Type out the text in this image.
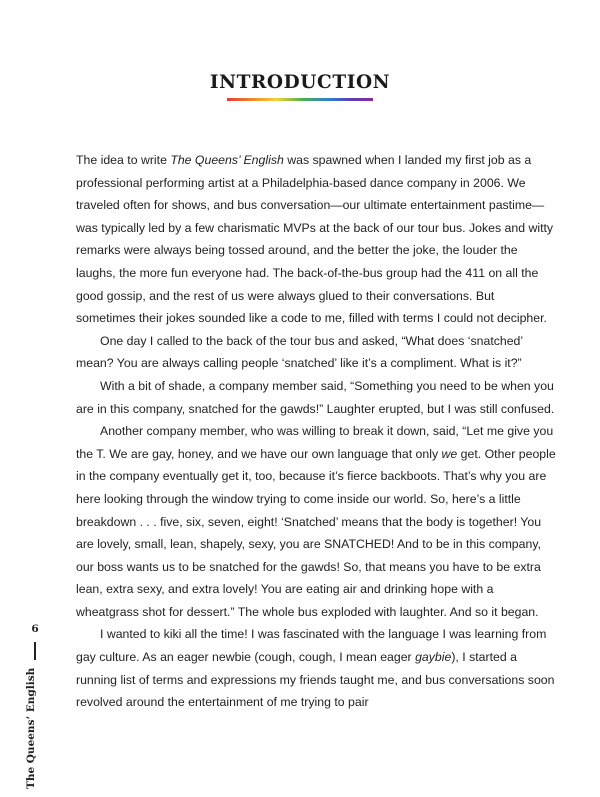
INTRODUCTION

The idea to write The Queens’ English was spawned when I landed my first job as a professional performing artist at a Philadelphia-based dance company in 2006. We traveled often for shows, and bus conversation—our ultimate entertainment pastime—was typically led by a few charismatic MVPs at the back of our tour bus. Jokes and witty remarks were always being tossed around, and the better the joke, the louder the laughs, the more fun everyone had. The back-of-the-bus group had the 411 on all the good gossip, and the rest of us were always glued to their conversations. But sometimes their jokes sounded like a code to me, filled with terms I could not decipher.

One day I called to the back of the tour bus and asked, “What does ‘snatched’ mean? You are always calling people ‘snatched’ like it’s a compliment. What is it?”

With a bit of shade, a company member said, “Something you need to be when you are in this company, snatched for the gawds!” Laughter erupted, but I was still confused.

Another company member, who was willing to break it down, said, “Let me give you the T. We are gay, honey, and we have our own language that only we get. Other people in the company eventually get it, too, because it’s fierce backboots. That’s why you are here looking through the window trying to come inside our world. So, here’s a little breakdown . . . five, six, seven, eight! ‘Snatched’ means that the body is together! You are lovely, small, lean, shapely, sexy, you are SNATCHED! And to be in this company, our boss wants us to be snatched for the gawds! So, that means you have to be extra lean, extra sexy, and extra lovely! You are eating air and drinking hope with a wheatgrass shot for dessert.” The whole bus exploded with laughter. And so it began.

I wanted to kiki all the time! I was fascinated with the language I was learning from gay culture. As an eager newbie (cough, cough, I mean eager gaybie), I started a running list of terms and expressions my friends taught me, and bus conversations soon revolved around the entertainment of me trying to pair

6
The Queens’ English
